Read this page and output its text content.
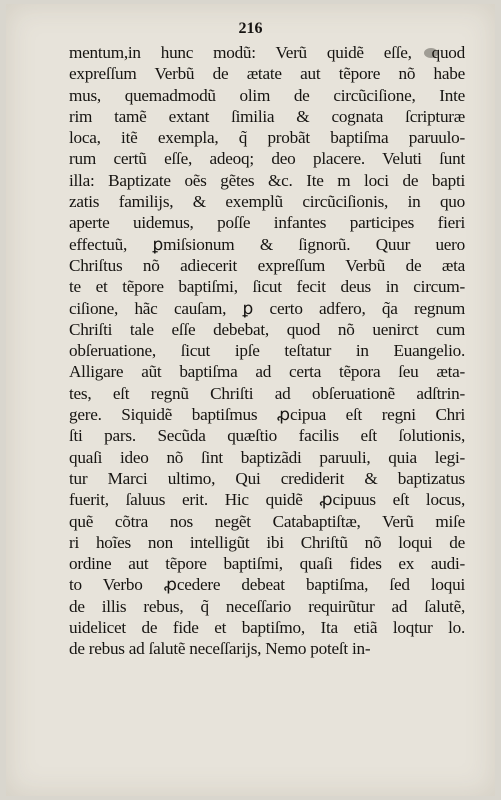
216
mentum,in hunc modũ: Verũ quidẽ eſſe, quod
expreſſum Verbũ de ætate aut tẽpore nõ habe
mus, quemadmodũ olim de circũciſione, Inte
rim tamẽ extant ſimilia & cognata ſcripturæ
loca, itẽ exempla, q̃ probãt baptiſma paruulo-
rum certũ eſſe, adeoq; deo placere. Veluti ſunt
illa: Baptizate oẽs gẽtes &c. Ite m loci de bapti
zatis familijs, & exemplũ circũciſionis, in quo
aperte uidemus, poſſe infantes participes fieri
effectuũ, ꝑmiſsionum & ſignorũ. Quur uero
Chriſtus nõ adiecerit expreſſum Verbũ de æta
te et tẽpore baptiſmi, ſicut fecit deus in circum-
ciſione, hãc cauſam, ꝑ certo adfero, q̃a regnum
Chriſti tale eſſe debebat, quod nõ uenirct cum
obſeruatione, ſicut ipſe teſtatur in Euangelio.
Alligare aũt baptiſma ad certa tẽpora ſeu æta-
tes, eſt regnũ Chriſti ad obſeruationẽ adſtrin-
gere. Siquidẽ baptiſmus ꝓcipua eſt regni Chri
ſti pars. Secũda quæſtio facilis eſt ſolutionis,
quaſi ideo nõ ſint baptizãdi paruuli, quia legi-
tur Marci ultimo, Qui crediderit & baptizatus
fuerit, ſaluus erit. Hic quidẽ ꝓcipuus eſt locus,
quẽ cõtra nos negẽt Catabaptiſtæ, Verũ miſe
ri hoĩes non intelligũt ibi Chriſtũ nõ loqui de
ordine aut tẽpore baptiſmi, quaſi fides ex audi-
to Verbo ꝓcedere debeat baptiſma, ſed loqui
de illis rebus, q̃ neceſſario requirũtur ad ſalutẽ,
uidelicet de fide et baptiſmo, Ita etiã loqtur lo.
de rebus ad ſalutẽ neceſſarijs, Nemo poteſt in-
